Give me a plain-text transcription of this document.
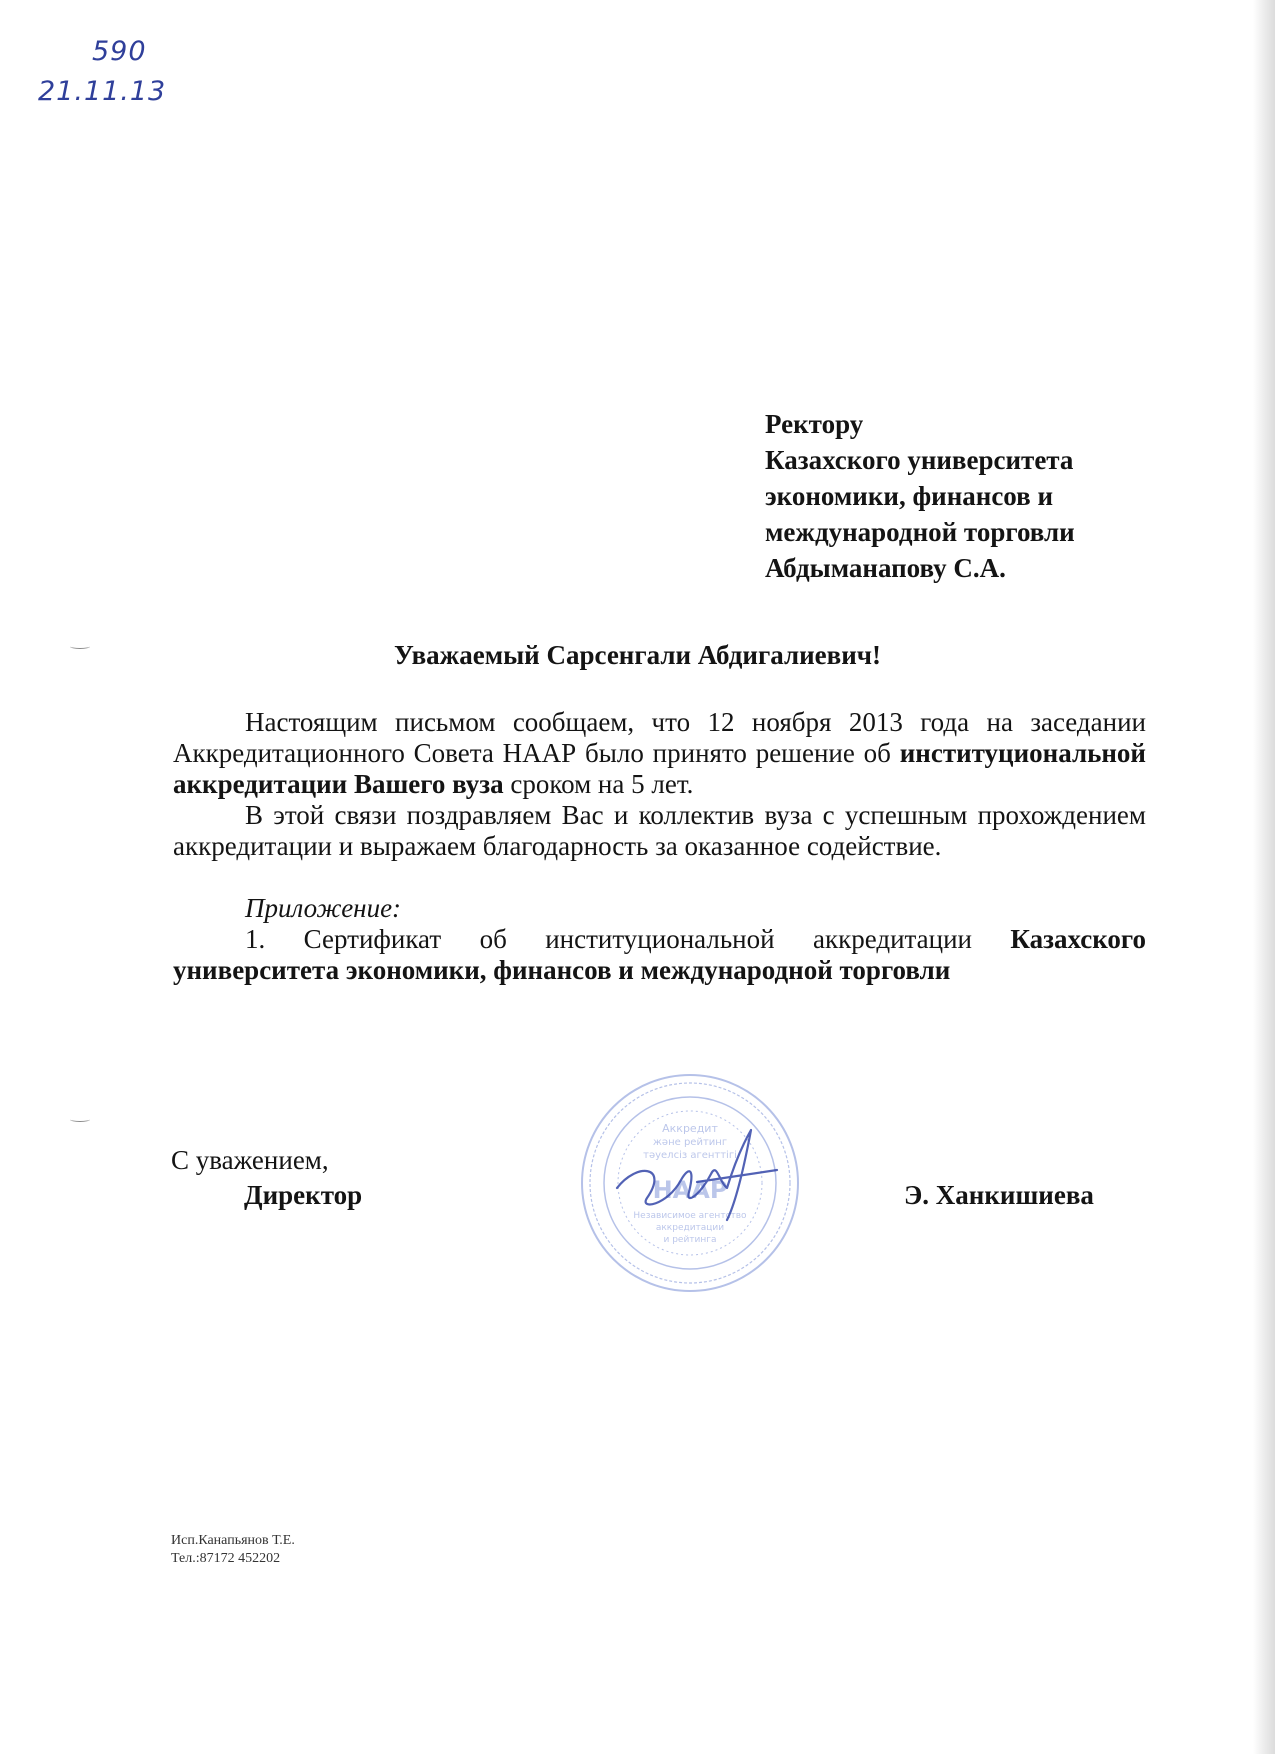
590
21.11.13
Ректору
Казахского университета
экономики, финансов и
международной торговли
Абдыманапову С.А.
Уважаемый Сарсенгали Абдигалиевич!

Настоящим письмом сообщаем, что 12 ноября 2013 года на заседании Аккредитационного Совета НААР было принято решение об институциональной аккредитации Вашего вуза сроком на 5 лет.

В этой связи поздравляем Вас и коллектив вуза с успешным прохождением аккредитации и выражаем благодарность за оказанное содействие.

Приложение:

1. Сертификат об институциональной аккредитации Казахского университета экономики, финансов и международной торговли

С уважением,
Директор	Э. Ханкишиева
Аккредит
және рейтинг
тәуелсіз агенттігі
НААР
Независимое агентство
аккредитации
и рейтинга
Исп.Канапьянов Т.Е.
Тел.:87172 452202
